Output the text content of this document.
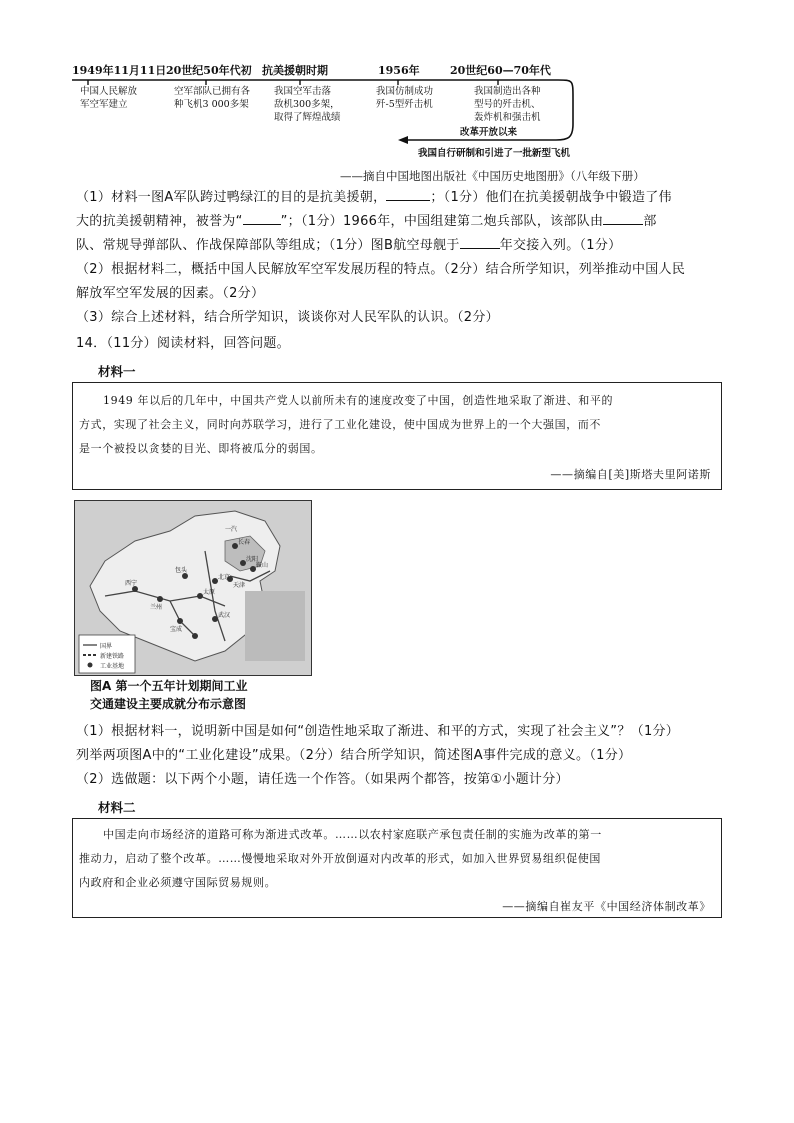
1949年11月11日 20世纪50年代初 抗美援朝时期	1956年	20世纪60—70年代
中国人民解放
军空军建立
空军部队已拥有各
种飞机3 000多架
我国空军击落
敌机300多架，
取得了辉煌战绩
我国仿制成功
歼-5型歼击机
我国制造出各种
型号的歼击机、
轰炸机和强击机
改革开放以来
我国自行研制和引进了一批新型飞机
——摘自中国地图出版社《中国历史地图册》（八年级下册）
（1）材料一图A军队跨过鸭绿江的目的是抗美援朝，	；（1分）他们在抗美援朝战争中锻造了伟
大的抗美援朝精神，被誉为“	”；（1分）1966年，中国组建第二炮兵部队，该部队由	部
队、常规导弹部队、作战保障部队等组成；（1分）图B航空母舰于	年交接入列。（1分）
（2）根据材料二，概括中国人民解放军空军发展历程的特点。（2分）结合所学知识，列举推动中国人民
解放军空军发展的因素。（2分）
（3）综合上述材料，结合所学知识，谈谈你对人民军队的认识。（2分）
14．（11分）阅读材料，回答问题。
材料一
1949 年以后的几年中，中国共产党人以前所未有的速度改变了中国，创造性地采取了渐进、和平的
方式，实现了社会主义，同时向苏联学习，进行了工业化建设，使中国成为世界上的一个大强国，而不
是一个被投以贪婪的目光、即将被瓜分的弱国。
——摘编自[美]斯塔夫里阿诺斯
国界
新建铁路
工业基地
长春
沈阳
北京
包头
兰州
西宁
太原
武汉
天津
鞍山
一汽
宝成
图A 第一个五年计划期间工业
交通建设主要成就分布示意图
（1）根据材料一，说明新中国是如何“创造性地采取了渐进、和平的方式，实现了社会主义”？（1分）
列举两项图A中的“工业化建设”成果。（2分）结合所学知识，简述图A事件完成的意义。（1分）
（2）选做题：以下两个小题，请任选一个作答。（如果两个都答，按第①小题计分）
材料二
中国走向市场经济的道路可称为渐进式改革。……以农村家庭联产承包责任制的实施为改革的第一
推动力，启动了整个改革。……慢慢地采取对外开放倒逼对内改革的形式，如加入世界贸易组织促使国
内政府和企业必须遵守国际贸易规则。
——摘编自崔友平《中国经济体制改革》
